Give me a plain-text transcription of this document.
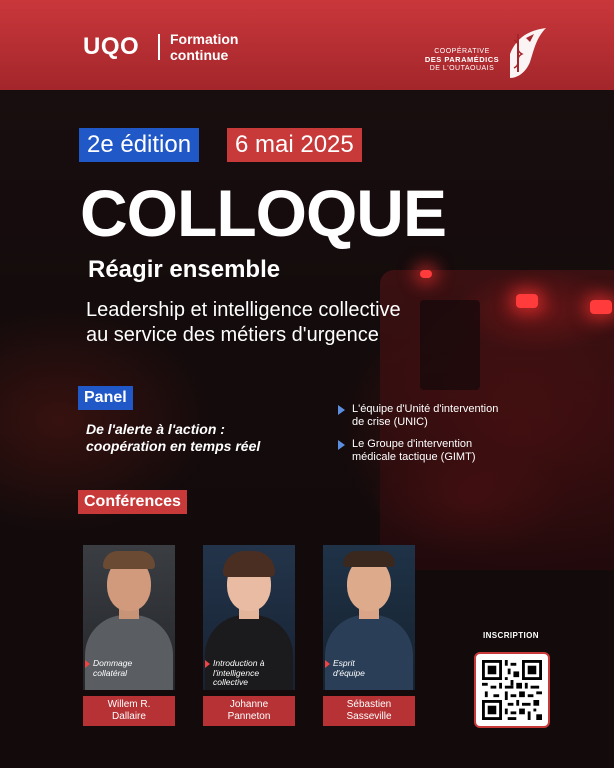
UQO Formation
continue	COOPÉRATIVE
DES PARAMÉDICS
DE L'OUTAOUAIS
2e édition	6 mai 2025
COLLOQUE
Réagir ensemble
Leadership et intelligence collective
au service des métiers d'urgence
Panel
De l'alerte à l'action :
coopération en temps réel
L'équipe d'Unité d'intervention
de crise (UNIC)
Le Groupe d'intervention
médicale tactique (GIMT)
Conférences
Dommage
collatéral
Willem R.
Dallaire
Introduction à
l'intelligence
collective
Johanne
Panneton
Esprit
d'équipe
Sébastien
Sasseville
INSCRIPTION
